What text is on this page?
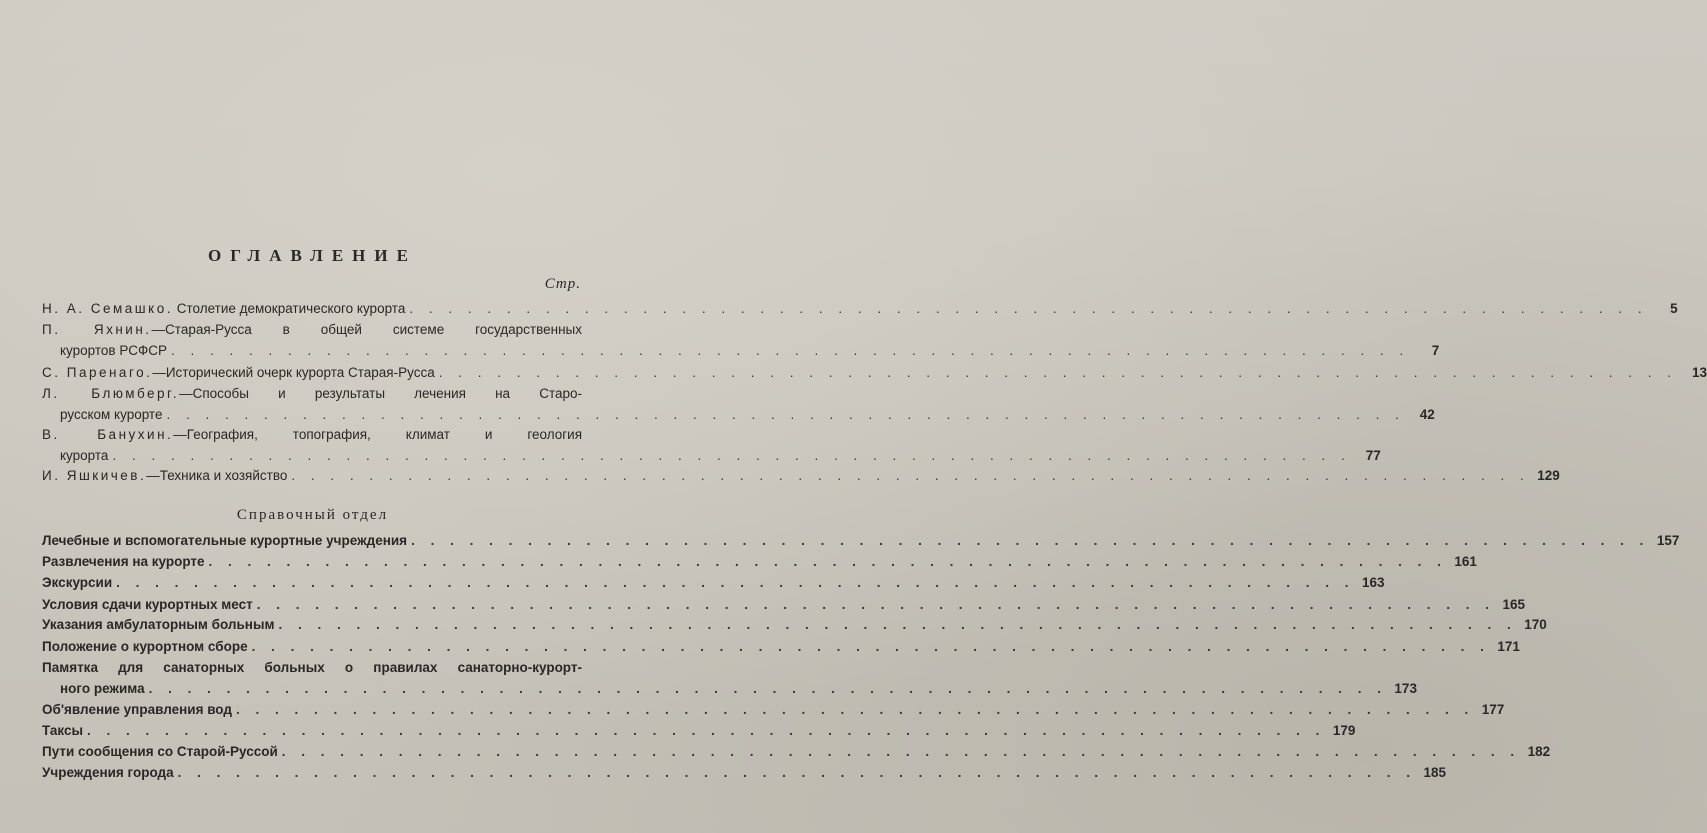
ОГЛАВЛЕНИЕ
Стр.
Н. А. Семашко. Столетие демократического курорта . . . . . . . . . . . . . . . . . . . . . . . . . . . . . . . . . . . . . . . . . . . . . . . . . . . . . . . . . . . . . . . .	5
П. Яхнин.—Старая-Русса в общей системе государственных
курортов РСФСР . . . . . . . . . . . . . . . . . . . . . . . . . . . . . . . . . . . . . . . . . . . . . . . . . . . . . . . . . . . . . . . .	7
С. Паренаго.—Исторический очерк курорта Старая-Русса . . . . . . . . . . . . . . . . . . . . . . . . . . . . . . . . . . . . . . . . . . . . . . . . . . . . . . . . . . . . . . . .	13
Л. Блюмберг.—Способы и результаты лечения на Старо-
русском курорте . . . . . . . . . . . . . . . . . . . . . . . . . . . . . . . . . . . . . . . . . . . . . . . . . . . . . . . . . . . . . . . .	42
В. Банухин.—География, топография, климат и геология
курорта . . . . . . . . . . . . . . . . . . . . . . . . . . . . . . . . . . . . . . . . . . . . . . . . . . . . . . . . . . . . . . . .	77
И. Яшкичев.—Техника и хозяйство . . . . . . . . . . . . . . . . . . . . . . . . . . . . . . . . . . . . . . . . . . . . . . . . . . . . . . . . . . . . . . . . 129
Справочный отдел
Лечебные и вспомогательные курортные учреждения . . . . . . . . . . . . . . . . . . . . . . . . . . . . . . . . . . . . . . . . . . . . . . . . . . . . . . . . . . . . . . . . 157
Развлечения на курорте . . . . . . . . . . . . . . . . . . . . . . . . . . . . . . . . . . . . . . . . . . . . . . . . . . . . . . . . . . . . . . . . 161
Экскурсии . . . . . . . . . . . . . . . . . . . . . . . . . . . . . . . . . . . . . . . . . . . . . . . . . . . . . . . . . . . . . . . . 163
Условия сдачи курортных мест . . . . . . . . . . . . . . . . . . . . . . . . . . . . . . . . . . . . . . . . . . . . . . . . . . . . . . . . . . . . . . . . 165
Указания амбулаторным больным . . . . . . . . . . . . . . . . . . . . . . . . . . . . . . . . . . . . . . . . . . . . . . . . . . . . . . . . . . . . . . . . 170
Положение о курортном сборе . . . . . . . . . . . . . . . . . . . . . . . . . . . . . . . . . . . . . . . . . . . . . . . . . . . . . . . . . . . . . . . . 171
Памятка для санаторных больных о правилах санаторно-курорт-
ного режима . . . . . . . . . . . . . . . . . . . . . . . . . . . . . . . . . . . . . . . . . . . . . . . . . . . . . . . . . . . . . . . . 173
Об'явление управления вод . . . . . . . . . . . . . . . . . . . . . . . . . . . . . . . . . . . . . . . . . . . . . . . . . . . . . . . . . . . . . . . . 177
Таксы . . . . . . . . . . . . . . . . . . . . . . . . . . . . . . . . . . . . . . . . . . . . . . . . . . . . . . . . . . . . . . . . 179
Пути сообщения со Старой-Руссой . . . . . . . . . . . . . . . . . . . . . . . . . . . . . . . . . . . . . . . . . . . . . . . . . . . . . . . . . . . . . . . . 182
Учреждения города . . . . . . . . . . . . . . . . . . . . . . . . . . . . . . . . . . . . . . . . . . . . . . . . . . . . . . . . . . . . . . . . 185
